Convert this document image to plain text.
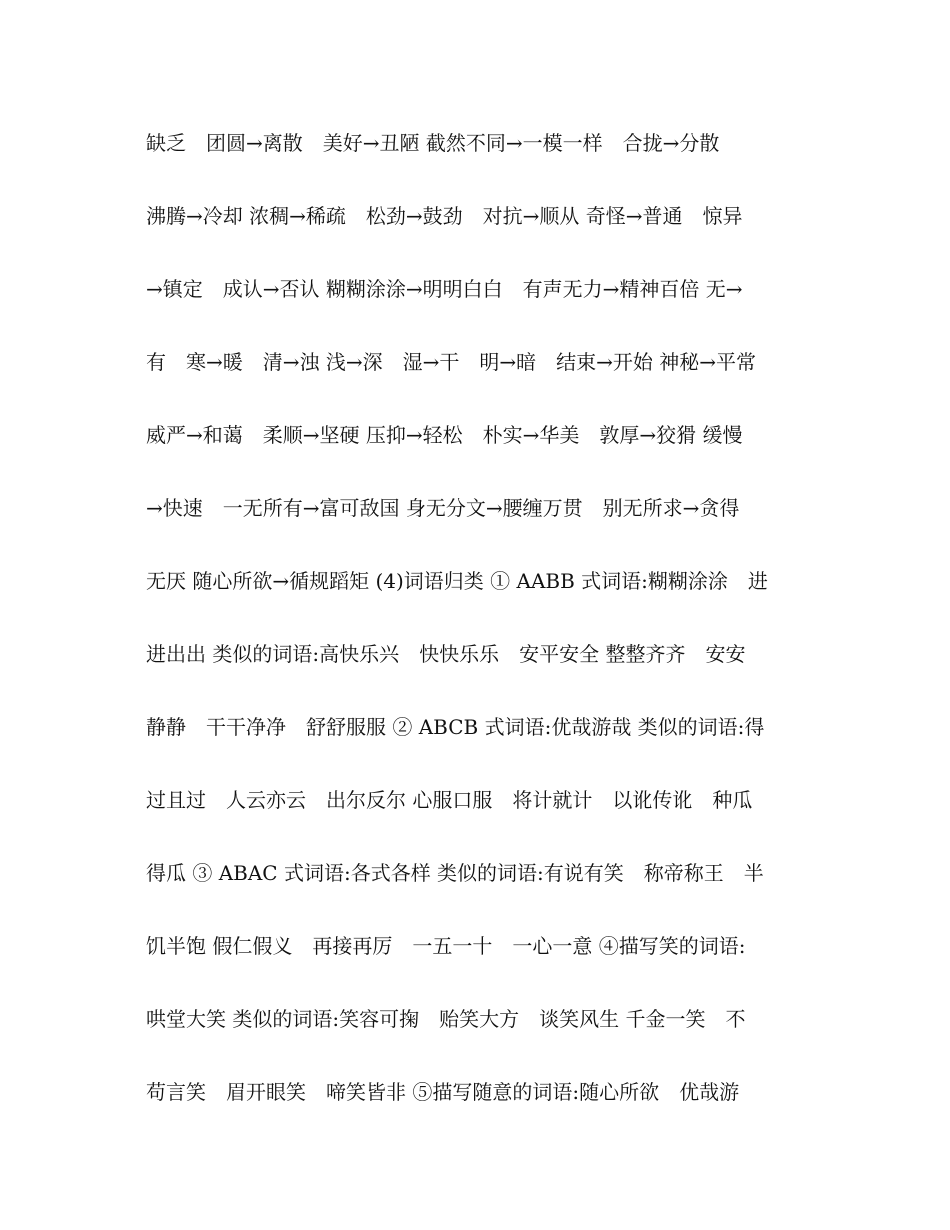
缺乏　团圆→离散　美好→丑陋 截然不同→一模一样　合拢→分散
沸腾→冷却 浓稠→稀疏　松劲→鼓劲　对抗→顺从 奇怪→普通　惊异
→镇定　成认→否认 糊糊涂涂→明明白白　有声无力→精神百倍 无→
有　寒→暖　清→浊 浅→深　湿→干　明→暗　结束→开始 神秘→平常
威严→和蔼　柔顺→坚硬 压抑→轻松　朴实→华美　敦厚→狡猾 缓慢
→快速　一无所有→富可敌国 身无分文→腰缠万贯　别无所求→贪得
无厌 随心所欲→循规蹈矩 (4)词语归类 ① AABB 式词语:糊糊涂涂　进
进出出 类似的词语:高快乐兴　快快乐乐　安平安全 整整齐齐　安安
静静　干干净净　舒舒服服 ② ABCB 式词语:优哉游哉 类似的词语:得
过且过　人云亦云　出尔反尔 心服口服　将计就计　以讹传讹　种瓜
得瓜 ③ ABAC 式词语:各式各样 类似的词语:有说有笑　称帝称王　半
饥半饱 假仁假义　再接再厉　一五一十　一心一意 ④描写笑的词语:
哄堂大笑 类似的词语:笑容可掬　贻笑大方　谈笑风生 千金一笑　不
苟言笑　眉开眼笑　啼笑皆非 ⑤描写随意的词语:随心所欲　优哉游
